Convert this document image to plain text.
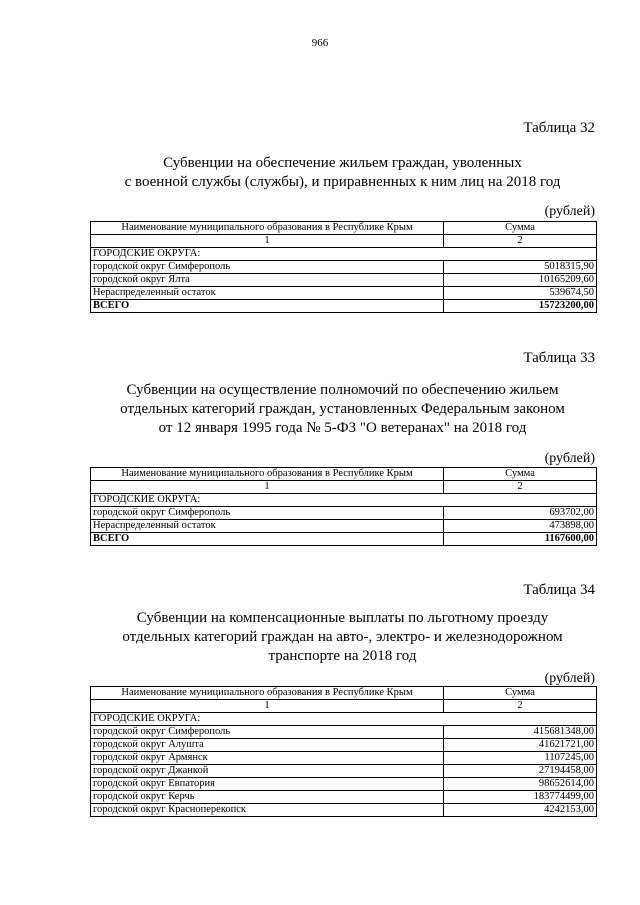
966
Таблица 32
Субвенции на обеспечение жильем граждан, уволенных
с военной службы (службы), и приравненных к ним лиц на 2018 год
(рублей)
Наименование муниципального образования в Республике Крым	Сумма
1	2
ГОРОДСКИЕ ОКРУГА:	
городской округ Симферополь	5018315,90
городской округ Ялта	10165209,60
Нераспределенный остаток	539674,50
ВСЕГО	15723200,00
Таблица 33
Субвенции на осуществление полномочий по обеспечению жильем
отдельных категорий граждан, установленных Федеральным законом
от 12 января 1995 года № 5-ФЗ "О ветеранах" на 2018 год
(рублей)
Наименование муниципального образования в Республике Крым	Сумма
1	2
ГОРОДСКИЕ ОКРУГА:	
городской округ Симферополь	693702,00
Нераспределенный остаток	473898,00
ВСЕГО	1167600,00
Таблица 34
Субвенции на компенсационные выплаты по льготному проезду
отдельных категорий граждан на авто-, электро- и железнодорожном
транспорте на 2018 год
(рублей)
Наименование муниципального образования в Республике Крым	Сумма
1	2
ГОРОДСКИЕ ОКРУГА:	
городской округ Симферополь	415681348,00
городской округ Алушта	41621721,00
городской округ Армянск	1107245,00
городской округ Джанкой	27194458,00
городской округ Евпатория	98652614,00
городской округ Керчь	183774499,00
городской округ Красноперекопск	4242153,00
